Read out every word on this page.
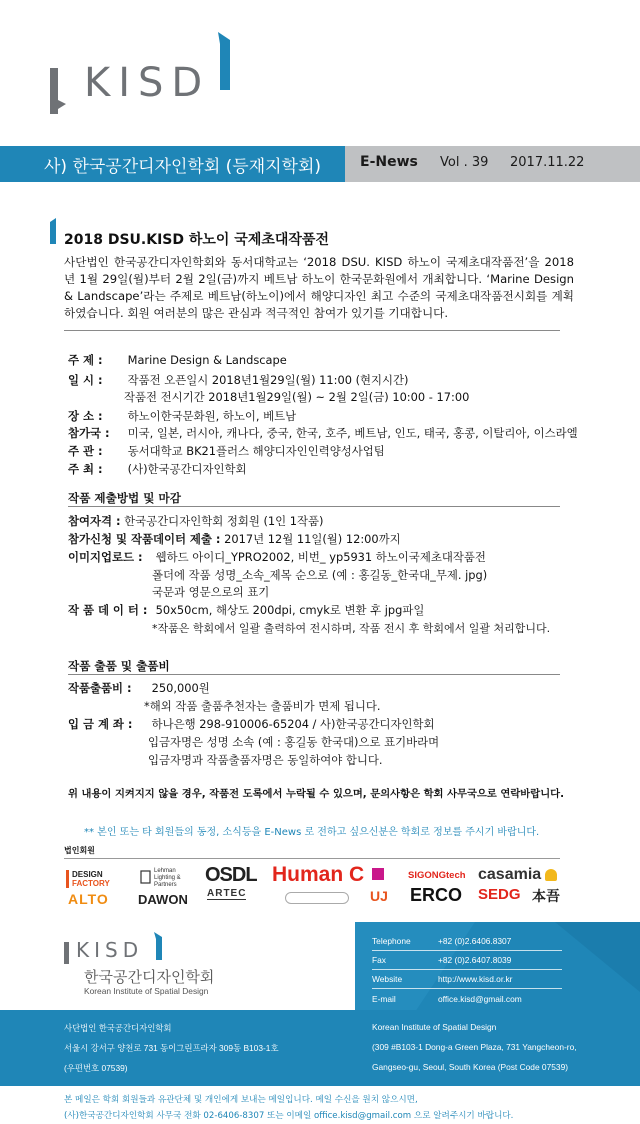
KISD
사) 한국공간디자인학회 (등재지학회)	E-News Vol . 39 2017.11.22
2018 DSU.KISD 하노이 국제초대작품전

사단법인 한국공간디자인학회와 동서대학교는 ‘2018 DSU. KISD 하노이 국제초대작품전’을 2018년 1월 29일(월)부터 2월 2일(금)까지 베트남 하노이 한국문화원에서 개최합니다. ‘Marine Design & Landscape’라는 주제로 베트남(하노이)에서 해양디자인 최고 수준의 국제초대작품전시회를 계획하였습니다. 회원 여러분의 많은 관심과 적극적인 참여가 있기를 기대합니다.

주 제 : Marine Design & Landscape
일 시 : 작품전 오픈일시 2018년1월29일(월) 11:00 (현지시간)
작품전 전시기간 2018년1월29일(월) ~ 2월 2일(금) 10:00 - 17:00
장 소 : 하노이한국문화원, 하노이, 베트남
참가국 : 미국, 일본, 러시아, 캐나다, 중국, 한국, 호주, 베트남, 인도, 태국, 홍콩, 이탈리아, 이스라엘
주 관 : 동서대학교 BK21플러스 해양디자인인력양성사업팀
주 최 : (사)한국공간디자인학회
작품 제출방법 및 마감
참여자격 : 한국공간디자인학회 정회원 (1인 1작품)
참가신청 및 작품데이터 제출 : 2017년 12월 11일(월) 12:00까지
이미지업로드 : 웹하드 아이디_YPRO2002, 비번_ yp5931 하노이국제초대작품전
폴더에 작품 성명_소속_제목 순으로 (예 : 홍길동_한국대_무제. jpg)
국문과 영문으로의 표기
작 품 데 이 터 : 50x50cm, 해상도 200dpi, cmyk로 변환 후 jpg파일
*작품은 학회에서 일괄 출력하여 전시하며, 작품 전시 후 학회에서 일괄 처리합니다.
작품 출품 및 출품비
작품출품비 : 250,000원
*해외 작품 출품추천자는 출품비가 면제 됩니다.
입 금 계 좌 : 하나은행 298-910006-65204 / 사)한국공간디자인학회
입금자명은 성명 소속 (예 : 홍길동 한국대)으로 표기바라며
입금자명과 작품출품자명은 동일하여야 합니다.
위 내용이 지켜지지 않을 경우, 작품전 도록에서 누락될 수 있으며, 문의사항은 학회 사무국으로 연락바랍니다.
** 본인 또는 타 회원들의 동정, 소식등을 E-News 로 전하고 싶으신분은 학회로 정보를 주시기 바랍니다.
법인회원
DESIGN
FACTORY
Lehman
Lighting &
Partners OSDL Human C	SIGONGtech casamia
ALTO DAWON ARTEC	UJ ERCO SEDG 本吾
KISD
한국공간디자인학회
Korean Institute of Spatial Design
Telephone	+82 (0)2.6406.8307
Fax	+82 (0)2.6407.8039
Website	http://www.kisd.or.kr
E-mail	office.kisd@gmail.com
사단법인 한국공간디자인학회
서울시 강서구 양천로 731 동이그린프라자 309동 B103-1호
(우편번호 07539)
Korean Institute of Spatial Design
(309 #B103-1 Dong-a Green Plaza, 731 Yangcheon-ro,
Gangseo-gu, Seoul, South Korea (Post Code 07539)
본 메일은 학회 회원들과 유관단체 및 개인에게 보내는 메일입니다. 메일 수신을 원치 않으시면,
(사)한국공간디자인학회 사무국 전화 02-6406-8307 또는 이메일 office.kisd@gmail.com 으로 알려주시기 바랍니다.
